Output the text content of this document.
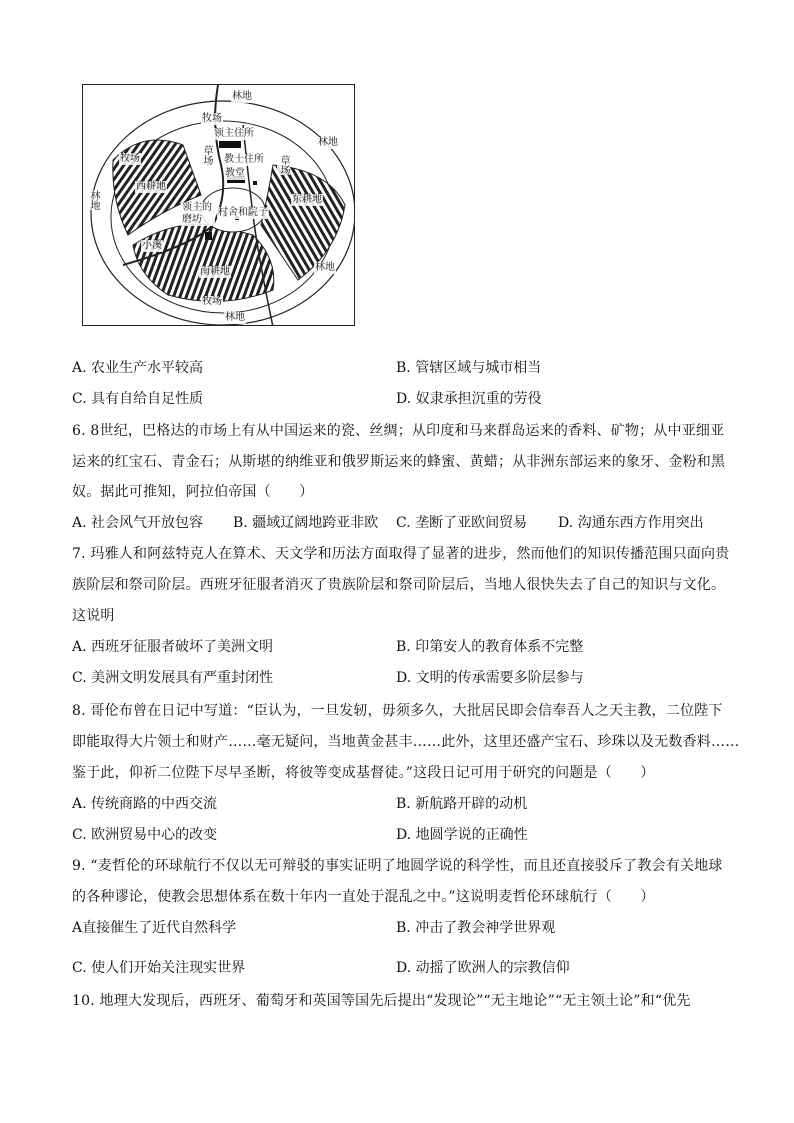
林地
牧场
领主住所
教士住所
教堂
草场	草场
林地
牧场
西耕地
林地	领主的磨坊
村舍和院子
东耕地
小溪
林地
南耕地
牧场
林地
A. 农业生产水平较高	B. 管辖区域与城市相当
C. 具有自给自足性质	D. 奴隶承担沉重的劳役
6. 8世纪，巴格达的市场上有从中国运来的瓷、丝绸；从印度和马来群岛运来的香料、矿物；从中亚细亚
运来的红宝石、青金石；从斯堪的纳维亚和俄罗斯运来的蜂蜜、黄蜡；从非洲东部运来的象牙、金粉和黑
奴。据此可推知，阿拉伯帝国（　　）
A. 社会风气开放包容 B. 疆域辽阔地跨亚非欧 C. 垄断了亚欧间贸易 D. 沟通东西方作用突出
7. 玛雅人和阿兹特克人在算术、天文学和历法方面取得了显著的进步，然而他们的知识传播范围只面向贵
族阶层和祭司阶层。西班牙征服者消灭了贵族阶层和祭司阶层后，当地人很快失去了自己的知识与文化。
这说明
A. 西班牙征服者破坏了美洲文明	B. 印第安人的教育体系不完整
C. 美洲文明发展具有严重封闭性	D. 文明的传承需要多阶层参与
8. 哥伦布曾在日记中写道：“臣认为，一旦发轫，毋须多久，大批居民即会信奉吾人之天主教，二位陛下
即能取得大片领土和财产……毫无疑问，当地黄金甚丰……此外，这里还盛产宝石、珍珠以及无数香料……
鉴于此，仰祈二位陛下尽早圣断，将彼等变成基督徒。”这段日记可用于研究的问题是（　　）
A. 传统商路的中西交流	B. 新航路开辟的动机
C. 欧洲贸易中心的改变	D. 地圆学说的正确性
9. “麦哲伦的环球航行不仅以无可辩驳的事实证明了地圆学说的科学性，而且还直接驳斥了教会有关地球
的各种谬论，使教会思想体系在数十年内一直处于混乱之中。”这说明麦哲伦环球航行（　　）
A直接催生了近代自然科学	B. 冲击了教会神学世界观
C. 使人们开始关注现实世界	D. 动摇了欧洲人的宗教信仰
10. 地理大发现后，西班牙、葡萄牙和英国等国先后提出“发现论”“无主地论”“无主领土论”和“优先
